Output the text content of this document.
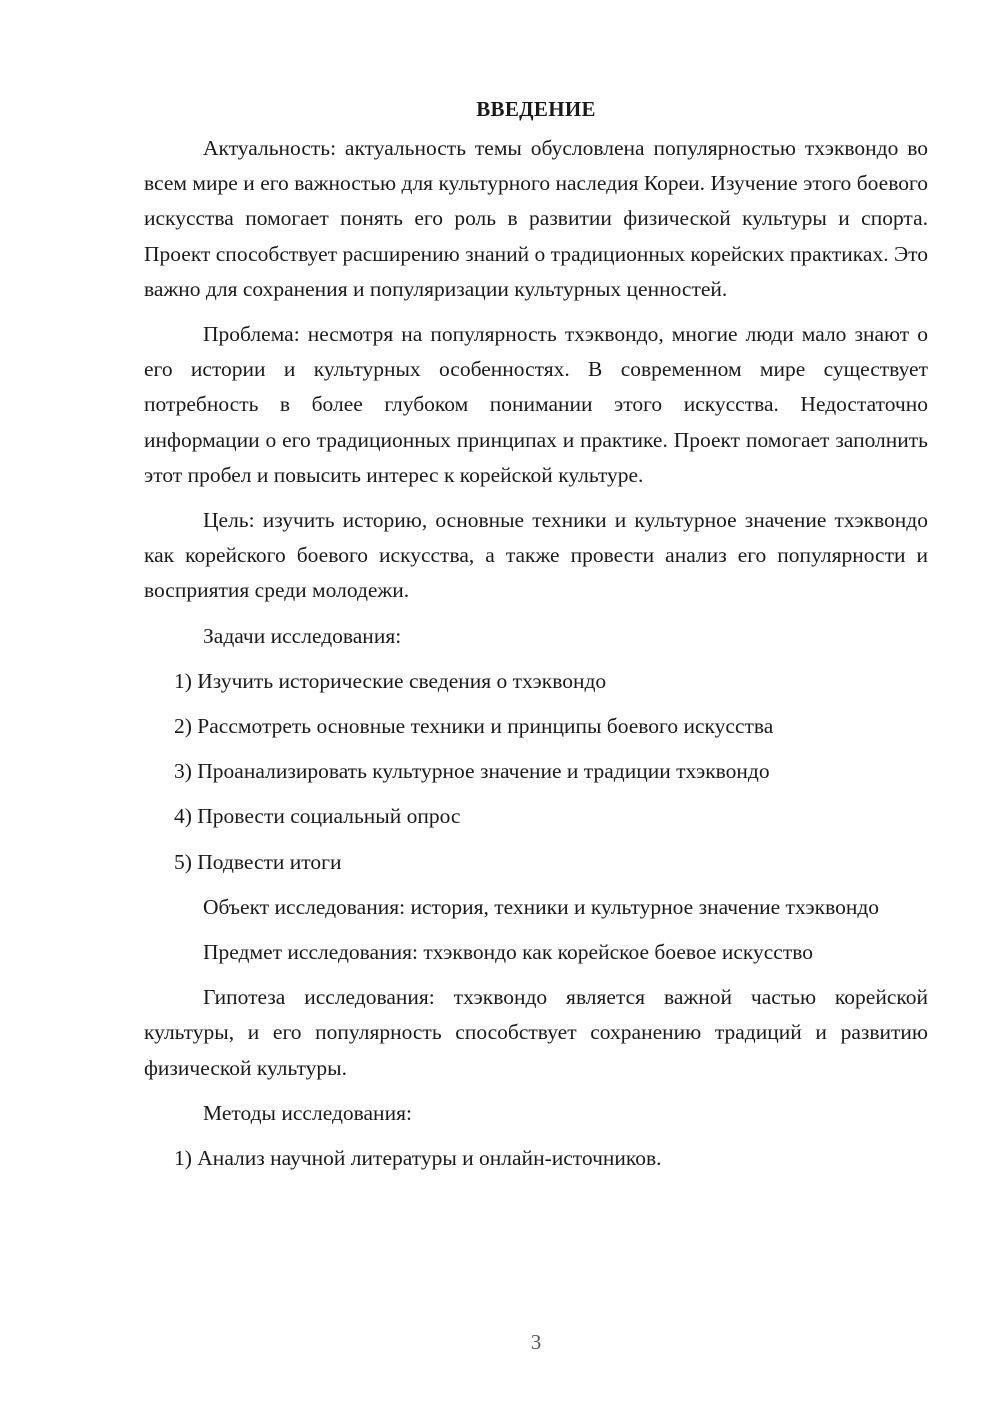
ВВЕДЕНИЕ

Актуальность: актуальность темы обусловлена популярностью тхэквондо во всем мире и его важностью для культурного наследия Кореи. Изучение этого боевого искусства помогает понять его роль в развитии физической культуры и спорта. Проект способствует расширению знаний о традиционных корейских практиках. Это важно для сохранения и популяризации культурных ценностей.

Проблема: несмотря на популярность тхэквондо, многие люди мало знают о его истории и культурных особенностях. В современном мире существует потребность в более глубоком понимании этого искусства. Недостаточно информации о его традиционных принципах и практике. Проект помогает заполнить этот пробел и повысить интерес к корейской культуре.

Цель: изучить историю, основные техники и культурное значение тхэквондо как корейского боевого искусства, а также провести анализ его популярности и восприятия среди молодежи.

Задачи исследования:

1) Изучить исторические сведения о тхэквондо
2) Рассмотреть основные техники и принципы боевого искусства
3) Проанализировать культурное значение и традиции тхэквондо
4) Провести социальный опрос
5) Подвести итоги

Объект исследования: история, техники и культурное значение тхэквондо

Предмет исследования: тхэквондо как корейское боевое искусство

Гипотеза исследования: тхэквондо является важной частью корейской культуры, и его популярность способствует сохранению традиций и развитию физической культуры.

Методы исследования:

1) Анализ научной литературы и онлайн-источников.
3
